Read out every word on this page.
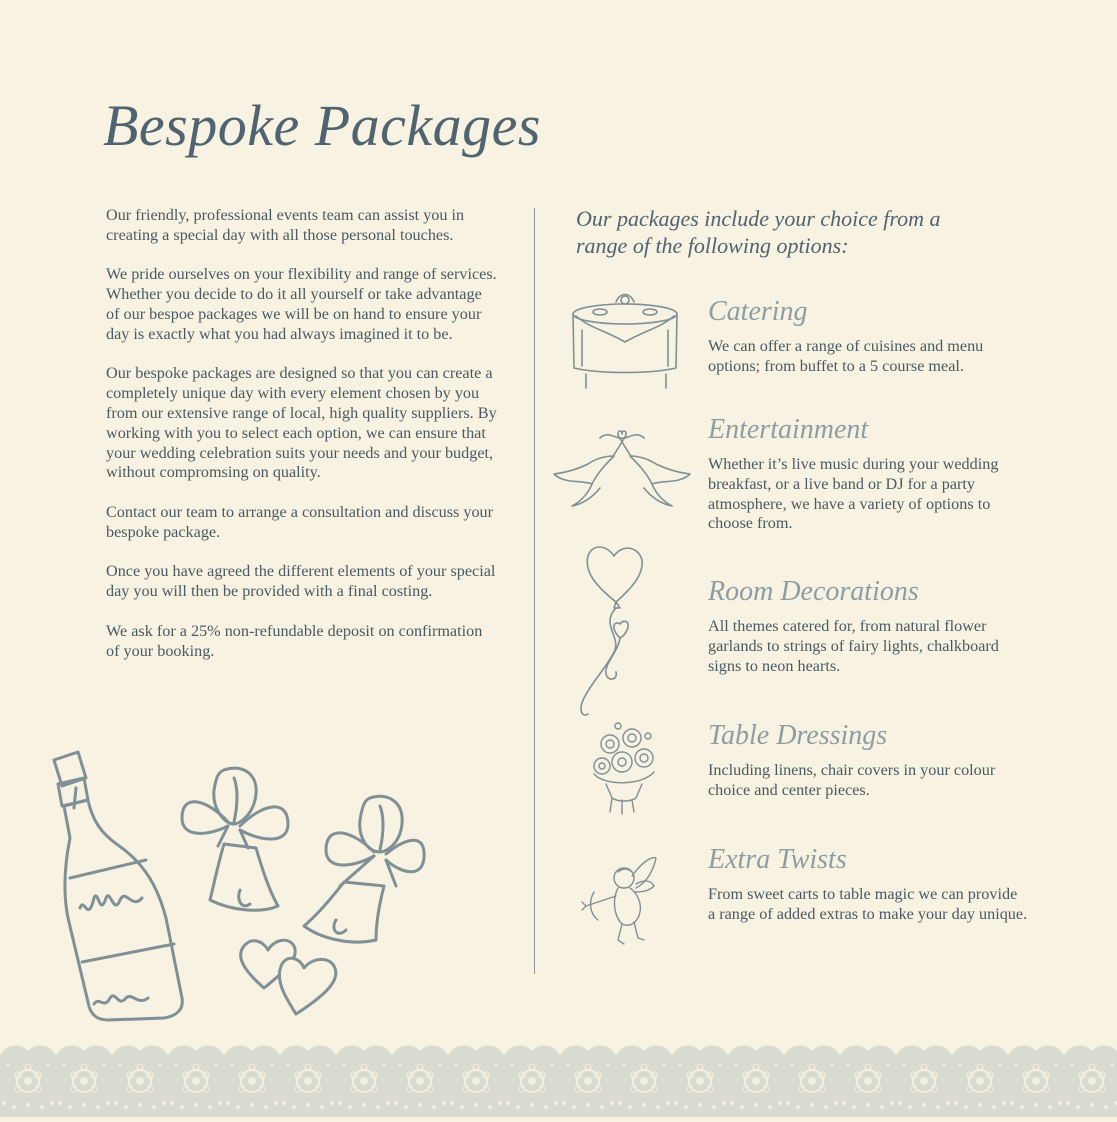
Bespoke Packages

Our friendly, professional events team can assist you in creating a special day with all those personal touches.

We pride ourselves on your flexibility and range of services. Whether you decide to do it all yourself or take advantage of our bespoe packages we will be on hand to ensure your day is exactly what you had always imagined it to be.

Our bespoke packages are designed so that you can create a completely unique day with every element chosen by you from our extensive range of local, high quality suppliers. By working with you to select each option, we can ensure that your wedding celebration suits your needs and your budget, without compromsing on quality.

Contact our team to arrange a consultation and discuss your bespoke package.

Once you have agreed the different elements of your special day you will then be provided with a final costing.

We ask for a 25% non-refundable deposit on confirmation of your booking.

Our packages include your choice from a range of the following options:

Catering

We can offer a range of cuisines and menu options; from buffet to a 5 course meal.

Entertainment

Whether it’s live music during your wedding breakfast, or a live band or DJ for a party atmosphere, we have a variety of options to choose from.

Room Decorations

All themes catered for, from natural flower garlands to strings of fairy lights, chalkboard signs to neon hearts.

Table Dressings

Including linens, chair covers in your colour choice and center pieces.

Extra Twists

From sweet carts to table magic we can provide a range of added extras to make your day unique.
